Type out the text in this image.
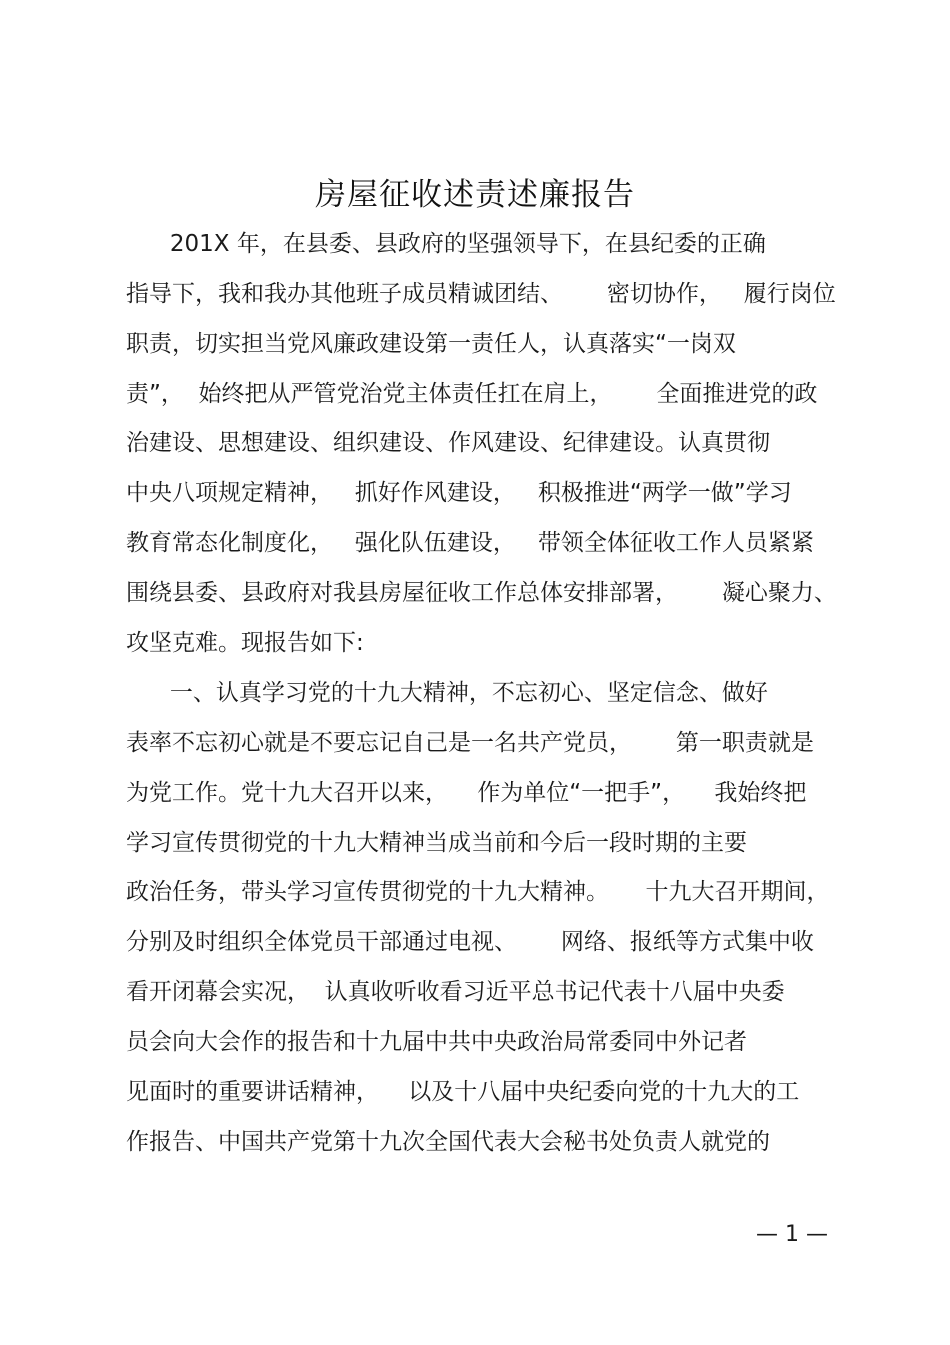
房屋征收述责述廉报告
201X 年，在县委、县政府的坚强领导下，在县纪委的正确
指导下，我和我办其他班子成员精诚团结、      密切协作，   履行岗位
职责，切实担当党风廉政建设第一责任人，认真落实“一岗双
责”，  始终把从严管党治党主体责任扛在肩上，      全面推进党的政
治建设、思想建设、组织建设、作风建设、纪律建设。认真贯彻
中央八项规定精神，   抓好作风建设，   积极推进“两学一做”学习
教育常态化制度化，   强化队伍建设，   带领全体征收工作人员紧紧
围绕县委、县政府对我县房屋征收工作总体安排部署，      凝心聚力、
攻坚克难。现报告如下:
一、认真学习党的十九大精神，不忘初心、坚定信念、做好
表率不忘初心就是不要忘记自己是一名共产党员，      第一职责就是
为党工作。党十九大召开以来，    作为单位“一把手”，    我始终把
学习宣传贯彻党的十九大精神当成当前和今后一段时期的主要
政治任务，带头学习宣传贯彻党的十九大精神。     十九大召开期间，
分别及时组织全体党员干部通过电视、      网络、报纸等方式集中收
看开闭幕会实况，  认真收听收看习近平总书记代表十八届中央委
员会向大会作的报告和十九届中共中央政治局常委同中外记者
见面时的重要讲话精神，    以及十八届中央纪委向党的十九大的工
作报告、中国共产党第十九次全国代表大会秘书处负责人就党的
— 1 —
